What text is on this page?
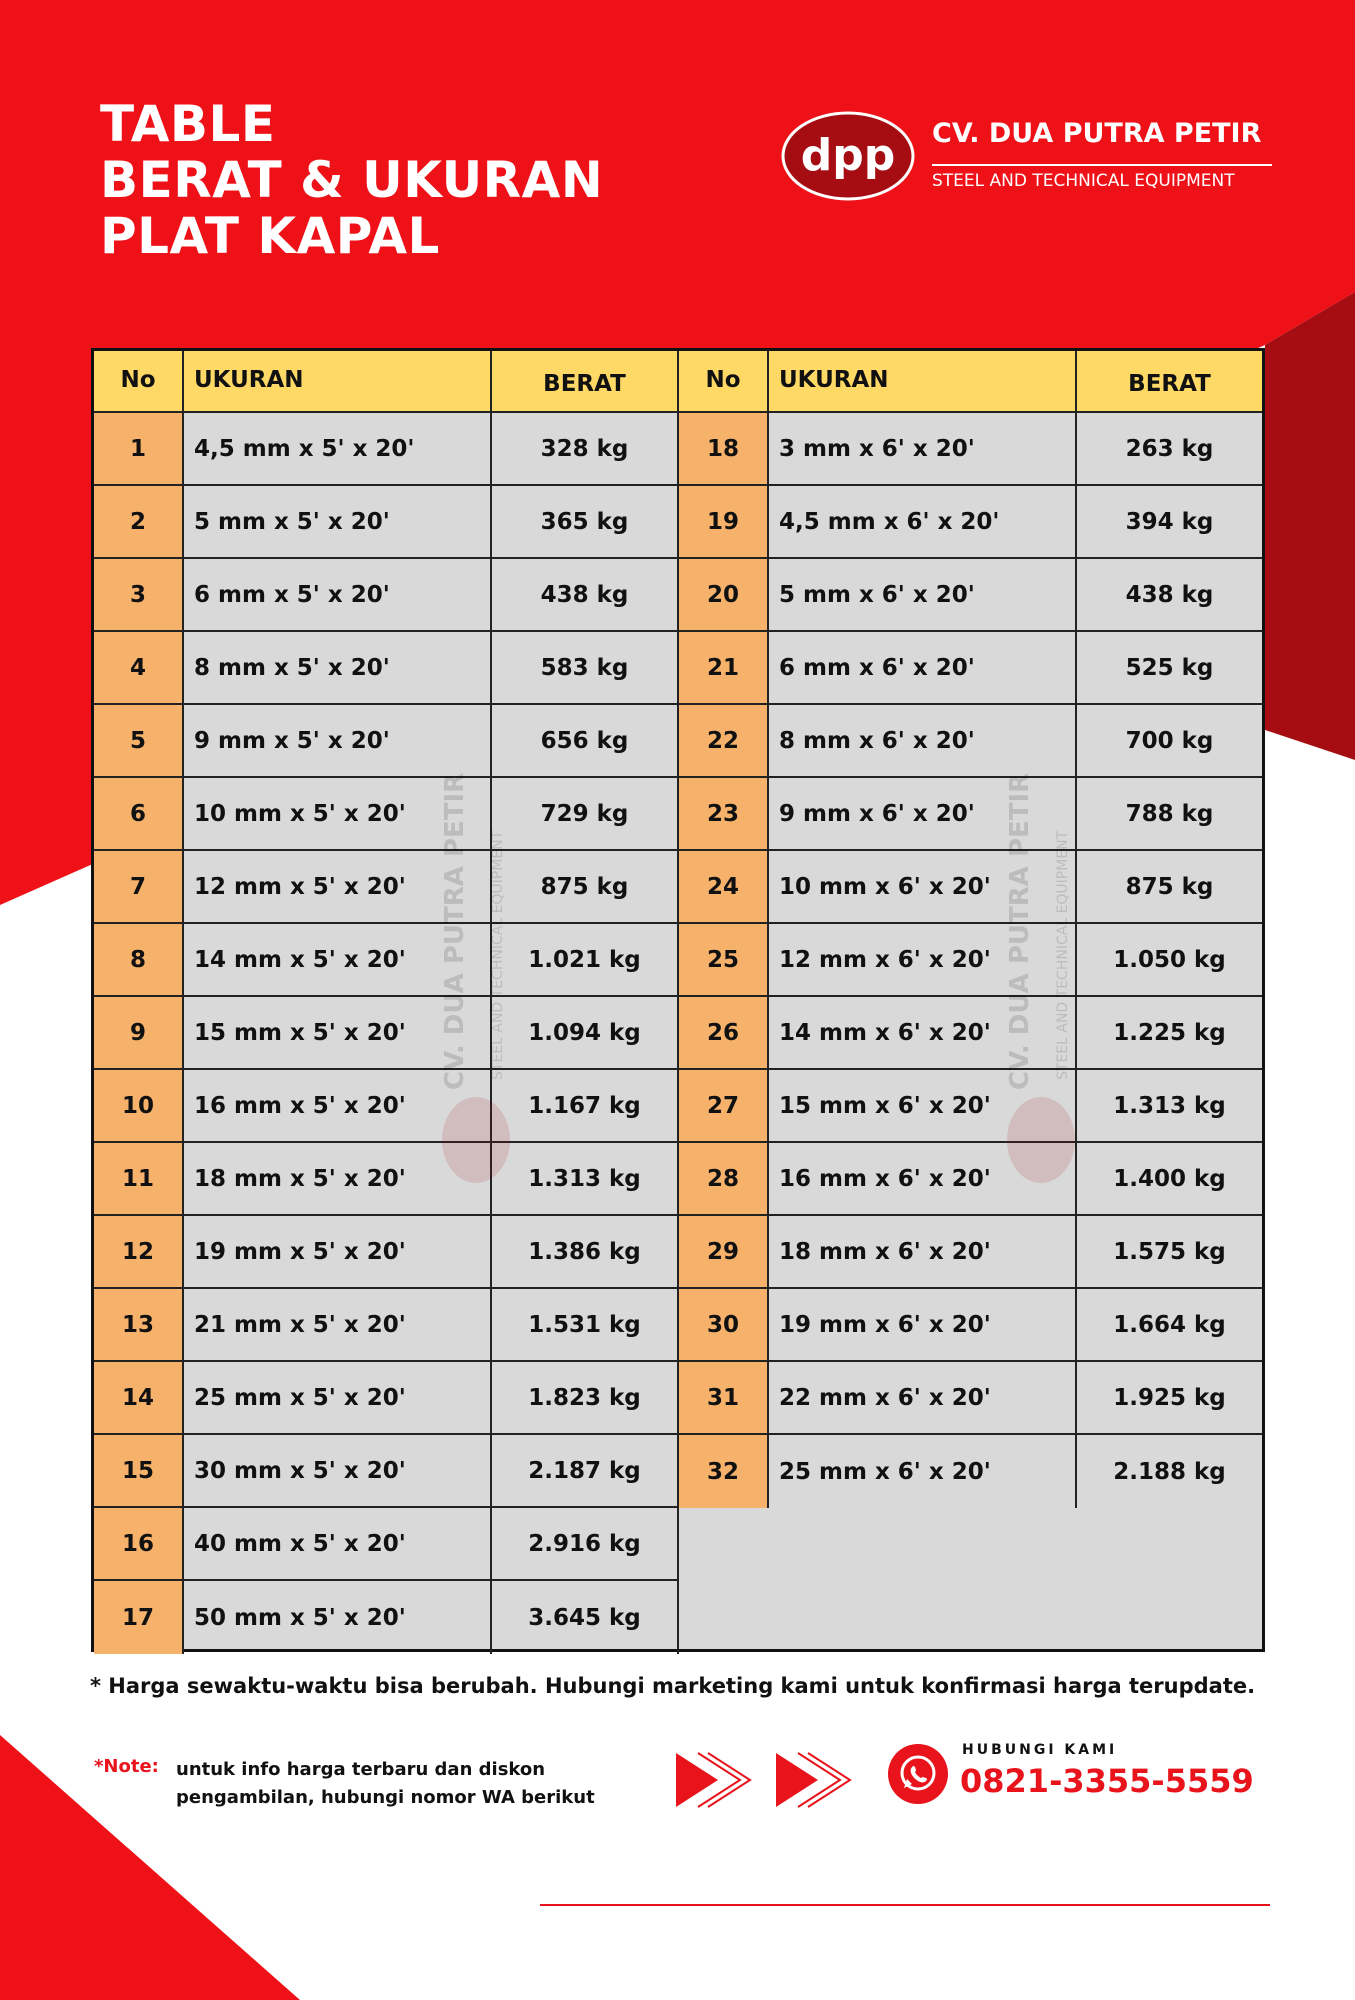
TABLE
BERAT & UKURAN
PLAT KAPAL
dpp CV. DUA PUTRA PETIR
STEEL AND TECHNICAL EQUIPMENT
No	UKURAN	BERAT
1	4,5 mm x 5' x 20'	328 kg
2	5 mm x 5' x 20'	365 kg
3	6 mm x 5' x 20'	438 kg
4	8 mm x 5' x 20'	583 kg
5	9 mm x 5' x 20'	656 kg
6	10 mm x 5' x 20'	729 kg
7	12 mm x 5' x 20'	875 kg
8	14 mm x 5' x 20'	1.021 kg
9	15 mm x 5' x 20'	1.094 kg
10	16 mm x 5' x 20'	1.167 kg
11	18 mm x 5' x 20'	1.313 kg
12	19 mm x 5' x 20'	1.386 kg
13	21 mm x 5' x 20'	1.531 kg
14	25 mm x 5' x 20'	1.823 kg
15	30 mm x 5' x 20'	2.187 kg
16	40 mm x 5' x 20'	2.916 kg
17	50 mm x 5' x 20'	3.645 kg
No	UKURAN	BERAT
18	3 mm x 6' x 20'	263 kg
19	4,5 mm x 6' x 20'	394 kg
20	5 mm x 6' x 20'	438 kg
21	6 mm x 6' x 20'	525 kg
22	8 mm x 6' x 20'	700 kg
23	9 mm x 6' x 20'	788 kg
24	10 mm x 6' x 20'	875 kg
25	12 mm x 6' x 20'	1.050 kg
26	14 mm x 6' x 20'	1.225 kg
27	15 mm x 6' x 20'	1.313 kg
28	16 mm x 6' x 20'	1.400 kg
29	18 mm x 6' x 20'	1.575 kg
30	19 mm x 6' x 20'	1.664 kg
31	22 mm x 6' x 20'	1.925 kg
32	25 mm x 6' x 20'	2.188 kg
* Harga sewaktu-waktu bisa berubah. Hubungi marketing kami untuk konfirmasi harga terupdate.
*Note: untuk info harga terbaru dan diskon pengambilan, hubungi nomor WA berikut
HUBUNGI KAMI
0821-3355-5559
